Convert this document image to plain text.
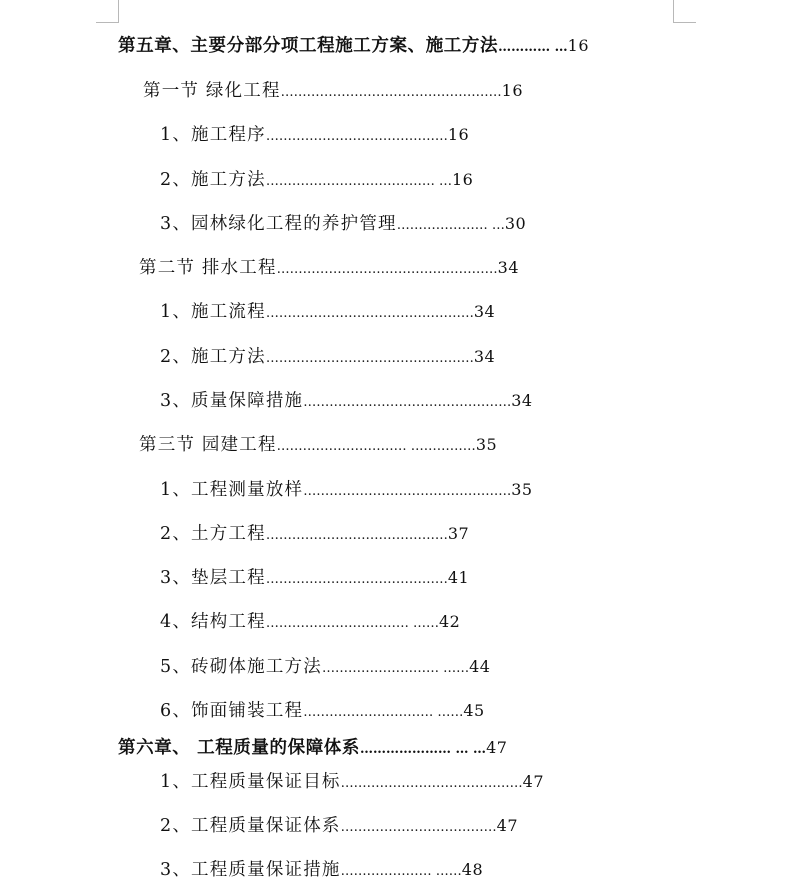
第五章、主要分部分项工程施工方案、施工方法………… …16
第一节 绿化工程……………………………………………16
1、施工程序……………………………………16
2、施工方法………………………………… …16
3、园林绿化工程的养护管理………………… …30
第二节 排水工程……………………………………………34
1、施工流程…………………………………………34
2、施工方法…………………………………………34
3、质量保障措施…………………………………………34
第三节 园建工程………………………… ……………35
1、工程测量放样…………………………………………35
2、土方工程……………………………………37
3、垫层工程……………………………………41
4、结构工程…………………………… ……42
5、砖砌体施工方法……………………… ……44
6、饰面铺装工程………………………… ……45
第六章、 工程质量的保障体系………………… … …47
1、工程质量保证目标……………………………………47
2、工程质量保证体系………………………………47
3、工程质量保证措施………………… ……48
